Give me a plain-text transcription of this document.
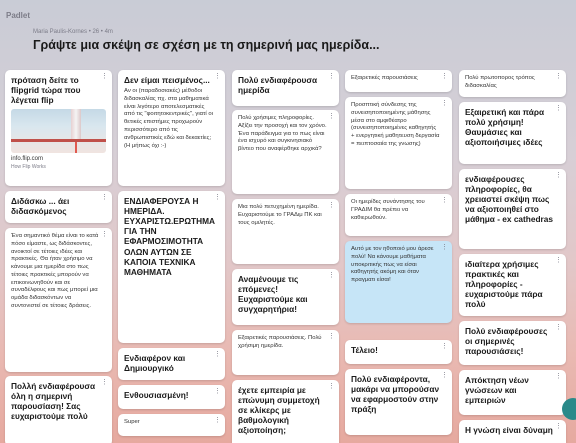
Padlet
Maria Paulis-Kornes • 26 • 4m
Γράψτε μια σκέψη σε σχέση με τη σημερινή μας ημερίδα...
⋮
πρόταση δείτε το flipgrid τώρα που λέγεται flip
info.flip.com
How Flip Works
⋮
Διδάσκω ... άει διδασκόμενος
⋮
Ένα σημαντικό θέμα είναι το κατά πόσο είμαστε, ως διδάσκοντες, ανοικτοί σε τέτοιες ιδέες και πρακτικές. Θα ήταν χρήσιμο να κάνουμε μια ημερίδα στο πως τέτοιες πρακτικές μπορούν να επικοινωνηθούν και σε συναδέλφους και πως μπορεί μια ομάδα διδασκόντων να συντονιστεί σε τέτοιες δράσεις.
⋮
Πολλή ενδιαφέρουσα όλη η σημερινή παρουσίαση! Σας ευχαριστούμε πολύ
⋮
Δεν είμαι πεισμένος...
Αν οι (παραδοσιακές) μέθοδοι διδασκαλίας πχ. στα μαθηματικά είναι λιγότερο αποτελεσματικές από τις "φοιτητοκεντρικές", γιατί οι θετικές επιστήμες προχωρούν περισσότερο από τις ανθρωπιστικές εδώ και δεκαετίες; (Η μήπως όχι :-)
⋮
ΕΝΔΙΑΦΕΡΟΥΣΑ Η ΗΜΕΡΙΔΑ. ΕΥΧΑΡΙΣΤΩ.ΕΡΩΤΗΜΑ ΓΙΑ ΤΗΝ ΕΦΑΡΜΟΣΙΜΟΤΗΤΑ ΟΛΩΝ ΑΥΤΩΝ ΣΕ ΚΑΠΟΙΑ ΤΕΧΝΙΚΑ ΜΑΘΗΜΑΤΑ
⋮
Ενδιαφέρον και Δημιουργικό
⋮
Ενθουσιασμένη!
⋮
Super
⋮
Πολύ ενδιαφέρουσα ημερίδα
⋮
Πολύ χρήσιμες πληροφορίες. Αξίζει την προσοχή και τον χρόνο. Ένα παράδειγμα για το πως είναι ένα ισχυρό και συγκινησιακό βίντεο που αναφέρθηκε αρχικά?
⋮
Μια πολύ πετυχημένη ημερίδα. Ευχαριστούμε το ΓΡΑΔιμ ΠΚ και τους ομιλητές.
⋮
Αναμένουμε τις επόμενες! Ευχαριστούμε και συγχαρητήρια!
⋮
Εξαιρετικές παρουσιάσεις. Πολύ χρήσιμη ημερίδα.
⋮
έχετε εμπειρία με επώνυμη συμμετοχή σε κλίκερς με βαθμολογική αξιοποίηση;
⋮
Εξαιρετικές παρουσιάσεις
⋮
Προσπτική σύνδεσης της συνεισηποποιημένης μάθησης μέσα στο αμφιθέατρο (συνεισηποποιημένες καθηγητής + ενεργητική μαθητευση δεργασία = πειπτοσαιία της γνωσης)
⋮
Οι ημερίδες συνάντησης του ΓΡΑΔΙΜ θα πρέπει να καθιερωθούν.
⋮
Αυτό με τον ηθοποιό μου άρεσε πολύ! Να κάνουμε μαθήματα υποκριτικής πως να είσαι καθηγητής ακόμη και όταν πραγματι είσαι!
⋮
Τέλειο!
⋮
Πολύ ενδιαφέροντα, μακάρι να μπορούσαν να εφαρμοστούν στην πράξη
⋮
Πολύ πρωτοπορος τρόπος διδασκαλίας
⋮
Εξαιρετική και πάρα πολύ χρήσιμη! Θαυμάσιες και αξιοποιήσιμες ιδέες
⋮
ενδιαφέρουσες πληροφορίες, θα χρειαστεί σκέψη πως να αξιοποιηθεί στο μάθημα - ex cathedras
⋮
ιδιαίτερα χρήσιμες πρακτικές και πληροφορίες - ευχαριστούμε πάρα πολύ
⋮
Πολύ ενδιαφέρουσες οι σημερινές παρουσιάσεις!
⋮
Απόκτηση νέων γνώσεων και εμπειριών
⋮
Η γνώση είναι δύναμη
